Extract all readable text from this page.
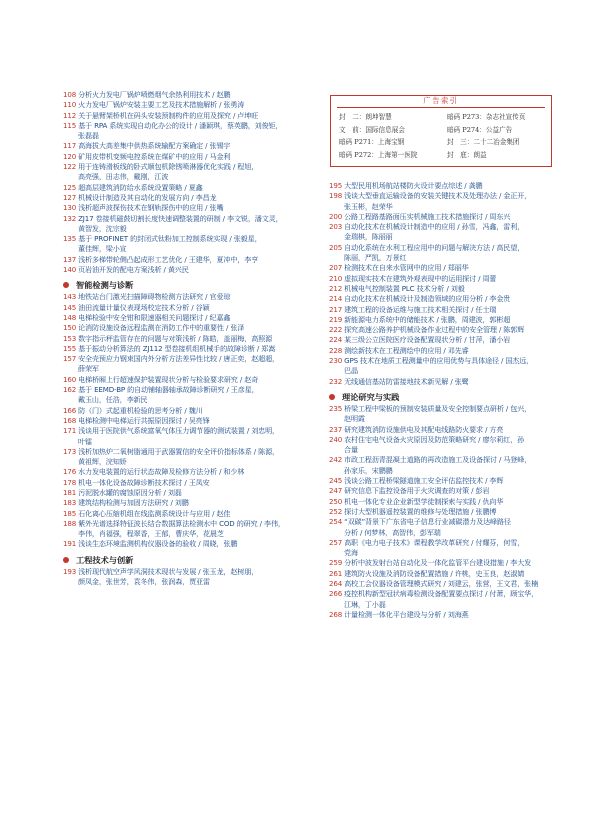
108 分析火力发电厂锅炉喷燃烟气余热利用技术 / 赵鹏
110 火力发电厂锅炉安装主要工艺及技术措施解析 / 张勇涛
112 关于悬臂架桥机在码头安装预制构件的应用及探究 / 卢坤旺
115 基于 RPA 系统实现自动化办公的设计 / 潘颖琪，蔡英鹏，刘俊钜，
张磊磊
117 高海拔大高差集中供热系统输配方案确定 / 张锡宇
120 矿用皮带机变频电控系统在煤矿中的应用 / 马金利
122 用于连铸滑板线的卧式顺包机除锈喷淋器优化实践 / 程旭，
高亮强，田志伟，戴刚，江波
125 超高层建筑消防给水系统设置策略 / 夏鑫
127 机械设计制造及其自动化的发展方向 / 李昌龙
130 浅析超声波探伤技术在钢轨探伤中的应用 / 张嘴
132 ZJ17 卷接机磁鼓切割长度快速调整装置的研制 / 李文锐，潘文灵，
黄智发，沈宗毅
135 基于 PROFINET 的封闭式钛粉加工控制系统实现 / 张毅星，
董佳辉，梁小宣
137 浅析多梯带轮侧凸起成形工艺优化 / 王建华，夏冲中，李亨
140 页岩油开发的配电方案浅析 / 黄兴民
智能检测与诊断
143 地铁站台门激光扫描障碍物检测方法研究 / 官爱琼
145 油田流量计量仪表现场校定技术分析 / 谷颖
148 电梯检验中安全钳和限速器相关问题探讨 / 纪嘉鑫
150 论消防设施设备远程监测在消防工作中的重要性 / 张泽
153 数字指示秤监管存在的问题与对策浅析 / 陈皓，盖丽梅，高照源
155 基于振动分析算法的 ZJ112 型卷接机组机械手的故障诊断 / 郑嵩
157 安全壳预应力钢束国内外分析方法差异性比较 / 唐正奕，赵超超，
薛荣军
160 电梯桥厢上行超速保护装置现状分析与检验要求研究 / 赵奇
162 基于 EEMD-BP 的自动铺轴器轴承故障诊断研究 / 王彦星，
戴玉山，任浩，李新民
166 防（门）式起重机检验的思考分析 / 魏川
168 电梯检测中电梯运行共振原因探讨 / 吴亮锋
171 浅谈用于医院供气系统富氧气体压力调节器的测试装置 / 刘忠明，
叶镭
173 浅析加热炉二氧树脂通用于武器置信的安全评价指标体系 / 陈源，
黄祖辉，浣知娇
176 水力发电装置的运行状态故障及检修方法分析 / 和少林
178 机电一体化设备故障诊断技术探讨 / 王凤安
181 污泥脱水罐的腐蚀原因分析 / 刘磊
183 建筑结构检测与加固方法研究 / 刘鹏
185 石化离心压缩机组在线监测系统设计与应用 / 赵佳
188 紫外光谱选择特征波长结合数据算法检测水中 COD 的研究 / 李伟，
李伟，肖福强，程翠香，王郁，曹庆华，花晨芝
191 浅谈生态环境监测机构仪器设备的验收 / 周晓，张鹏
工程技术与创新
193 浅析现代航空声学风洞技术现状与发展 / 张玉龙，赵树朋，
颜凤金，张世芳，袁冬伟，张润森，贾亚雷
广告索引
封　二：朗坤智慧	暗码 P273：杂志社宣传页
文　前：国际信息展会	暗码 P274：公益广告
暗码 P271：上海宝钢	封　三：二十二冶金集团
暗码 P272：上海第一医院	封　底：朗益
195 大型民用机场航站楼防火设计要点综述 / 龚鹏
198 浅谈大型垂直运输设备的安装关键技术及处理办法 / 金正开，
张玉彬，赵荣华
200 公路工程路基路面压实机械施工技术措施探讨 / 周东兴
203 自动化技术在机械设计制造中的应用 / 孙雪，冯鑫，雷利，
金瑞棋，陈丽丽
205 自动化系统在水利工程应用中的问题与解决方法 / 高民望，
陈丽，严凯，万景红
207 检测技术在自来水管网中的应用 / 郑丽华
210 虚拟现实技术在建筑外观表现中的运用探讨 / 周蕾
212 机械电气控制装置 PLC 技术分析 / 刘毅
214 自动化技术在机械设计及制造领域的应用分析 / 李金贵
217 建筑工程的设备运维与施工技术相关探讨 / 任士瑞
219 新能源电力系统中的储能技术 / 张鹏，周建波，郭彬超
222 探究高速公路养护机械设备作业过程中的安全管理 / 陈郭辉
224 某三级公立医院医疗设备配置现状分析 / 甘萍，潘小岩
228 测绘新技术在工程测绘中的应用 / 邓先睿
230 GPS 技术在地质工程测量中的应用优势与具体途径 / 国杰远，
巴晶
232 无线通信基站防雷接地技术新见解 / 张鹭
理论研究与实践
235 桥梁工程中梁板的预制安装质量及安全控制要点研析 / 包兴，
赵明霞
237 研究建筑消防设施供电及其配电线路防火要求 / 方亮
240 农村住宅电气设备火灾原因及防范策略研究 / 廖尔莉红，孙
合量
242 市政工程沥青混凝土道路的再改造施工及设备探讨 / 马登峰，
孙家乐，宋鹏鹏
245 浅谈公路工程桥梁隧道施工安全评估监控技术 / 李辉
247 研究信息下监控设备用于火灾调查的对策 / 彭岩
250 机电一体化专业企业新型学徒制探索与实践 / 仇向华
252 探讨大型机器遥控装置的维修与处理措施 / 张鹏博
254 “双碳”背景下广东省电子信息行业减碳潜力及达峰路径
分析 / 何梦林，高智伟，彭军瑞
257 高职《电力电子技术》课程教学改革研究 / 付耀芬，何雪，
党海
259 分析中波发射台站自动化及一体化监管平台建设措施 / 李大发
261 建筑防火设施及消防设备配置措施 / 许桃，史玉良，赵淑婧
264 高校工会仪器设备管理模式研究 / 刘建云，张营，王文君，张楠
266 疫控机构新型冠状病毒检测设备配置要点探讨 / 付萧，顾宝华，
江琳，丁小磊
268 计量检测一体化平台建设与分析 / 刘海燕
